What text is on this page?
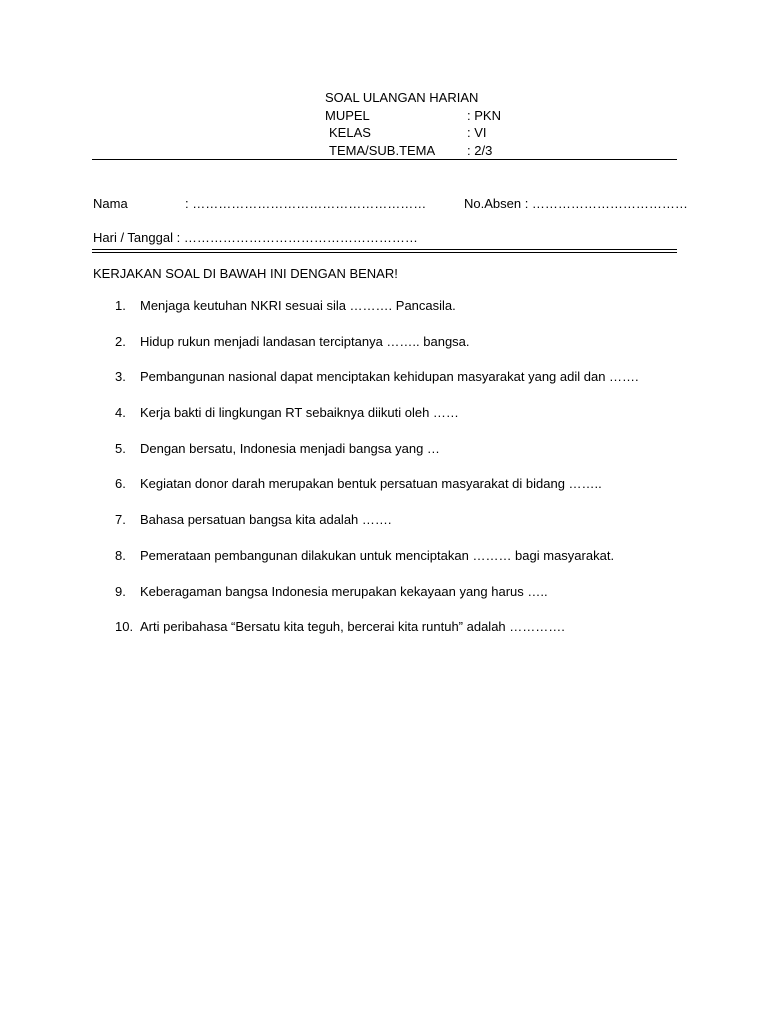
SOAL ULANGAN HARIAN
MUPEL	: PKN
KELAS	: VI
TEMA/SUB.TEMA	: 2/3
Nama	: ………………………………………………	No.Absen : ………………………………
Hari / Tanggal : ………………………………………………
KERJAKAN SOAL DI BAWAH INI DENGAN BENAR!
1.	Menjaga keutuhan NKRI sesuai sila ………. Pancasila.
2.	Hidup rukun menjadi landasan terciptanya …….. bangsa.
3.	Pembangunan nasional dapat menciptakan kehidupan masyarakat yang adil dan …….
4.	Kerja bakti di lingkungan RT sebaiknya diikuti oleh ……
5.	Dengan bersatu, Indonesia menjadi bangsa yang …
6.	Kegiatan donor darah merupakan bentuk persatuan masyarakat di bidang ……..
7.	Bahasa persatuan bangsa kita adalah …….
8.	Pemerataan pembangunan dilakukan untuk menciptakan ……… bagi masyarakat.
9.	Keberagaman bangsa Indonesia merupakan kekayaan yang harus …..
10. Arti peribahasa “Bersatu kita teguh, bercerai kita runtuh” adalah ………….
